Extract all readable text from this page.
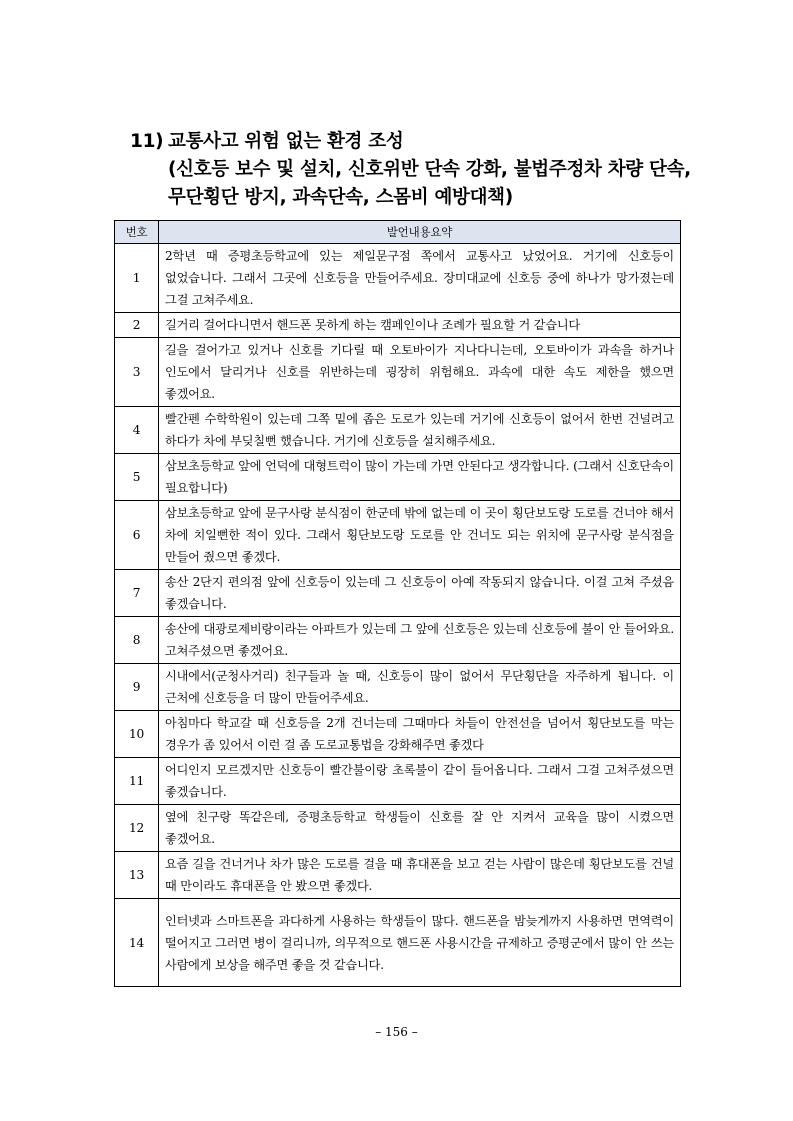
11) 교통사고 위험 없는 환경 조성
(신호등 보수 및 설치, 신호위반 단속 강화, 불법주정차 차량 단속,
무단횡단 방지, 과속단속, 스몸비 예방대책)
번호	발언내용요약
1	2학년 때 증평초등학교에 있는 제일문구점 쪽에서 교통사고 났었어요. 거기에 신호등이 없었습니다. 그래서 그곳에 신호등을 만들어주세요. 장미대교에 신호등 중에 하나가 망가졌는데 그걸 고쳐주세요.
2	길거리 걸어다니면서 핸드폰 못하게 하는 캠페인이나 조례가 필요할 거 같습니다
3	길을 걸어가고 있거나 신호를 기다릴 때 오토바이가 지나다니는데, 오토바이가 과속을 하거나 인도에서 달리거나 신호를 위반하는데 굉장히 위험해요. 과속에 대한 속도 제한을 했으면 좋겠어요.
4	빨간펜 수학학원이 있는데 그쪽 밑에 좁은 도로가 있는데 거기에 신호등이 없어서 한번 건널려고 하다가 차에 부딪칠뻔 했습니다. 거기에 신호등을 설치해주세요.
5	삼보초등학교 앞에 언덕에 대형트럭이 많이 가는데 가면 안된다고 생각합니다. (그래서 신호단속이 필요합니다)
6	삼보초등학교 앞에 문구사랑 분식점이 한군데 밖에 없는데 이 곳이 횡단보도랑 도로를 건너야 해서 차에 치일뻔한 적이 있다. 그래서 횡단보도랑 도로를 안 건너도 되는 위치에 문구사랑 분식점을 만들어 줬으면 좋겠다.
7	송산 2단지 편의점 앞에 신호등이 있는데 그 신호등이 아예 작동되지 않습니다. 이걸 고쳐 주셨음 좋겠습니다.
8	송산에 대광로제비랑이라는 아파트가 있는데 그 앞에 신호등은 있는데 신호등에 불이 안 들어와요. 고쳐주셨으면 좋겠어요.
9	시내에서(군청사거리) 친구들과 놀 때, 신호등이 많이 없어서 무단횡단을 자주하게 됩니다. 이 근처에 신호등을 더 많이 만들어주세요.
10	아침마다 학교갈 때 신호등을 2개 건너는데 그때마다 차들이 안전선을 넘어서 횡단보도를 막는 경우가 좀 있어서 이런 걸 좀 도로교통법을 강화해주면 좋겠다
11	어디인지 모르겠지만 신호등이 빨간불이랑 초록불이 같이 들어옵니다. 그래서 그걸 고쳐주셨으면 좋겠습니다.
12	옆에 친구랑 똑같은데, 증평초등학교 학생들이 신호를 잘 안 지켜서 교육을 많이 시켰으면 좋겠어요.
13	요즘 길을 건너거나 차가 많은 도로를 걸을 때 휴대폰을 보고 걷는 사람이 많은데 횡단보도를 건널 때 만이라도 휴대폰을 안 봤으면 좋겠다.
14	인터넷과 스마트폰을 과다하게 사용하는 학생들이 많다. 핸드폰을 밤늦게까지 사용하면 면역력이 떨어지고 그러면 병이 걸리니까, 의무적으로 핸드폰 사용시간을 규제하고 증평군에서 많이 안 쓰는 사람에게 보상을 해주면 좋을 것 같습니다.
– 156 –
